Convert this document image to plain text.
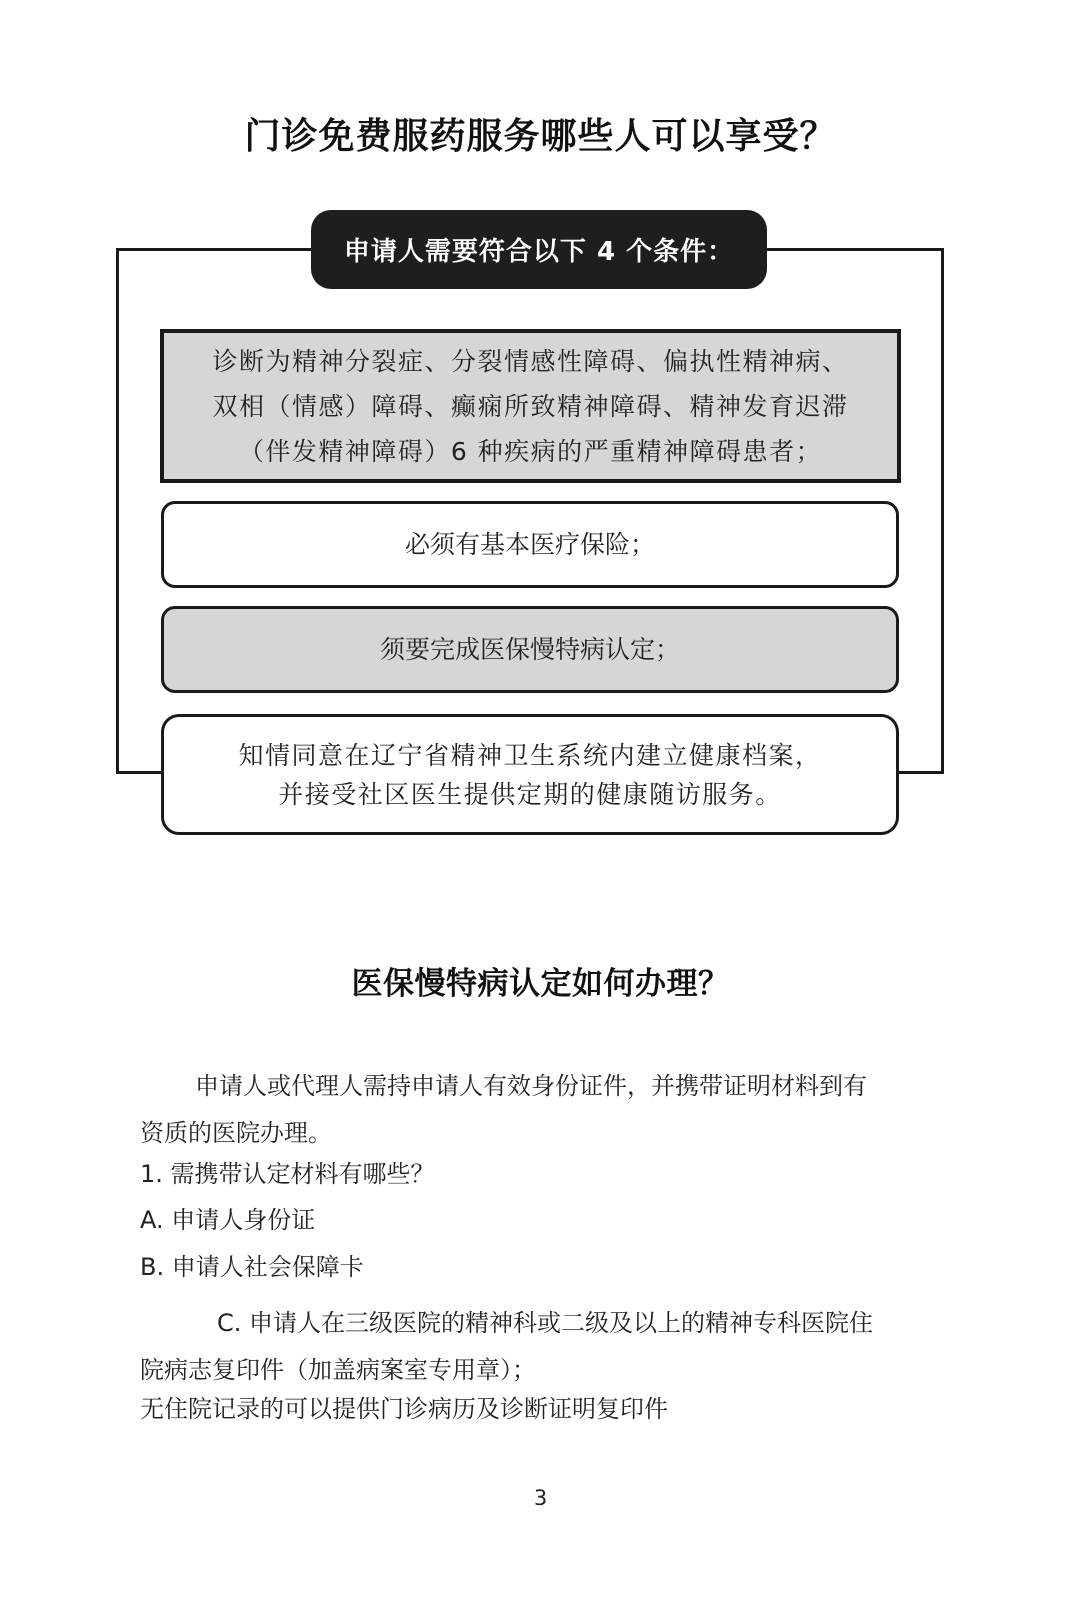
门诊免费服药服务哪些人可以享受？
申请人需要符合以下 4 个条件：
诊断为精神分裂症、分裂情感性障碍、偏执性精神病、
双相（情感）障碍、癫痫所致精神障碍、精神发育迟滞
（伴发精神障碍）6 种疾病的严重精神障碍患者；
必须有基本医疗保险；
须要完成医保慢特病认定；
知情同意在辽宁省精神卫生系统内建立健康档案，
并接受社区医生提供定期的健康随访服务。
医保慢特病认定如何办理？
申请人或代理人需持申请人有效身份证件，并携带证明材料到有
资质的医院办理。
1. 需携带认定材料有哪些？
A. 申请人身份证
B. 申请人社会保障卡
C. 申请人在三级医院的精神科或二级及以上的精神专科医院住
院病志复印件（加盖病案室专用章）；
无住院记录的可以提供门诊病历及诊断证明复印件
3
